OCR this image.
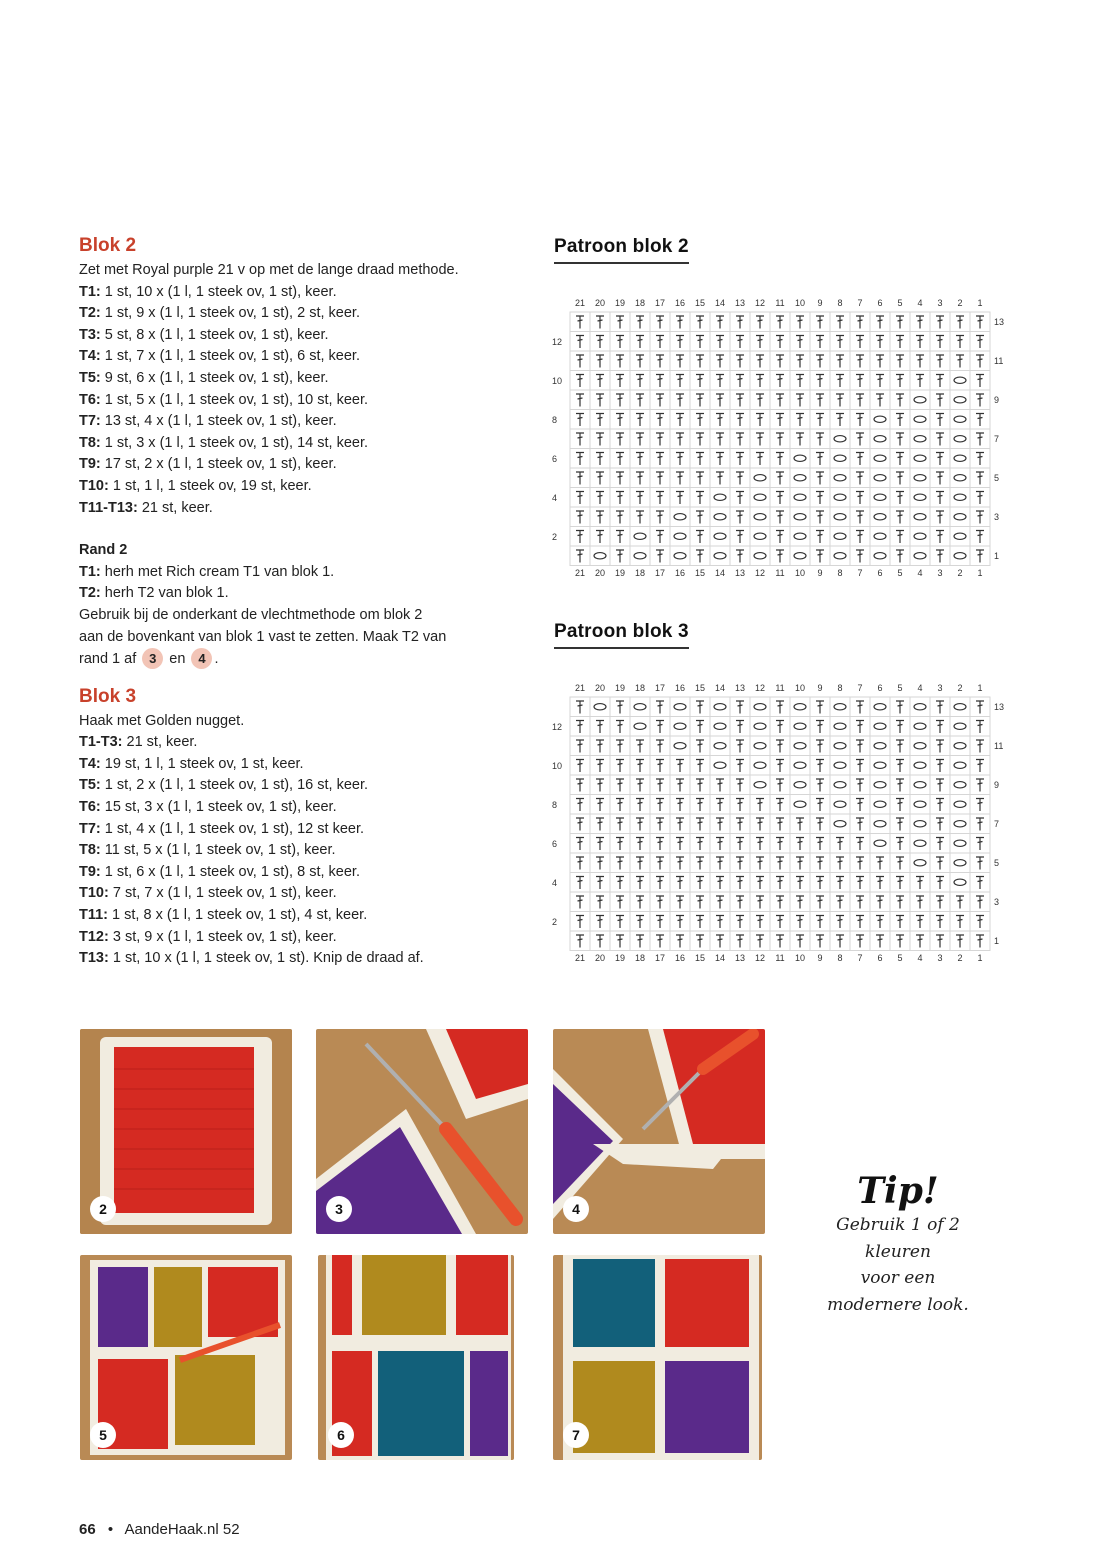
Blok 2
Zet met Royal purple 21 v op met de lange draad methode.
T1: 1 st, 10 x (1 l, 1 steek ov, 1 st), keer.
T2: 1 st, 9 x (1 l, 1 steek ov, 1 st), 2 st, keer.
T3: 5 st, 8 x (1 l, 1 steek ov, 1 st), keer.
T4: 1 st, 7 x (1 l, 1 steek ov, 1 st), 6 st, keer.
T5: 9 st, 6 x (1 l, 1 steek ov, 1 st), keer.
T6: 1 st, 5 x (1 l, 1 steek ov, 1 st), 10 st, keer.
T7: 13 st, 4 x (1 l, 1 steek ov, 1 st), keer.
T8: 1 st, 3 x (1 l, 1 steek ov, 1 st), 14 st, keer.
T9: 17 st, 2 x (1 l, 1 steek ov, 1 st), keer.
T10: 1 st, 1 l, 1 steek ov, 19 st, keer.
T11-T13: 21 st, keer.
Rand 2
T1: herh met Rich cream T1 van blok 1.
T2: herh T2 van blok 1.
Gebruik bij de onderkant de vlechtmethode om blok 2
aan de bovenkant van blok 1 vast te zetten. Maak T2 van
rand 1 af 3 en 4 .
Blok 3
Haak met Golden nugget.
T1-T3: 21 st, keer.
T4: 19 st, 1 l, 1 steek ov, 1 st, keer.
T5: 1 st, 2 x (1 l, 1 steek ov, 1 st), 16 st, keer.
T6: 15 st, 3 x (1 l, 1 steek ov, 1 st), keer.
T7: 1 st, 4 x (1 l, 1 steek ov, 1 st), 12 st keer.
T8: 11 st, 5 x (1 l, 1 steek ov, 1 st), keer.
T9: 1 st, 6 x (1 l, 1 steek ov, 1 st), 8 st, keer.
T10: 7 st, 7 x (1 l, 1 steek ov, 1 st), keer.
T11: 1 st, 8 x (1 l, 1 steek ov, 1 st), 4 st, keer.
T12: 3 st, 9 x (1 l, 1 steek ov, 1 st), keer.
T13: 1 st, 10 x (1 l, 1 steek ov, 1 st). Knip de draad af.
Patroon blok 2
Patroon blok 3
21
21
20
20
19
19
18
18
17
17
16
16
15
15
14
14
13
13
12
12
11
11
10
10
9
9
8
8
7
7
6
6
5
5
4
4
3
3
2
2
1
1
13
11
9
7
5
3
1
12
10
8
6
4
2
21
21
20
20
19
19
18
18
17
17
16
16
15
15
14
14
13
13
12
12
11
11
10
10
9
9
8
8
7
7
6
6
5
5
4
4
3
3
2
2
1
1
13
11
9
7
5
3
1
12
10
8
6
4
2
2	3	4
5	6	7
Tip!
Gebruik 1 of 2
kleuren
voor een
modernere look.
66 • AandeHaak.nl 52
